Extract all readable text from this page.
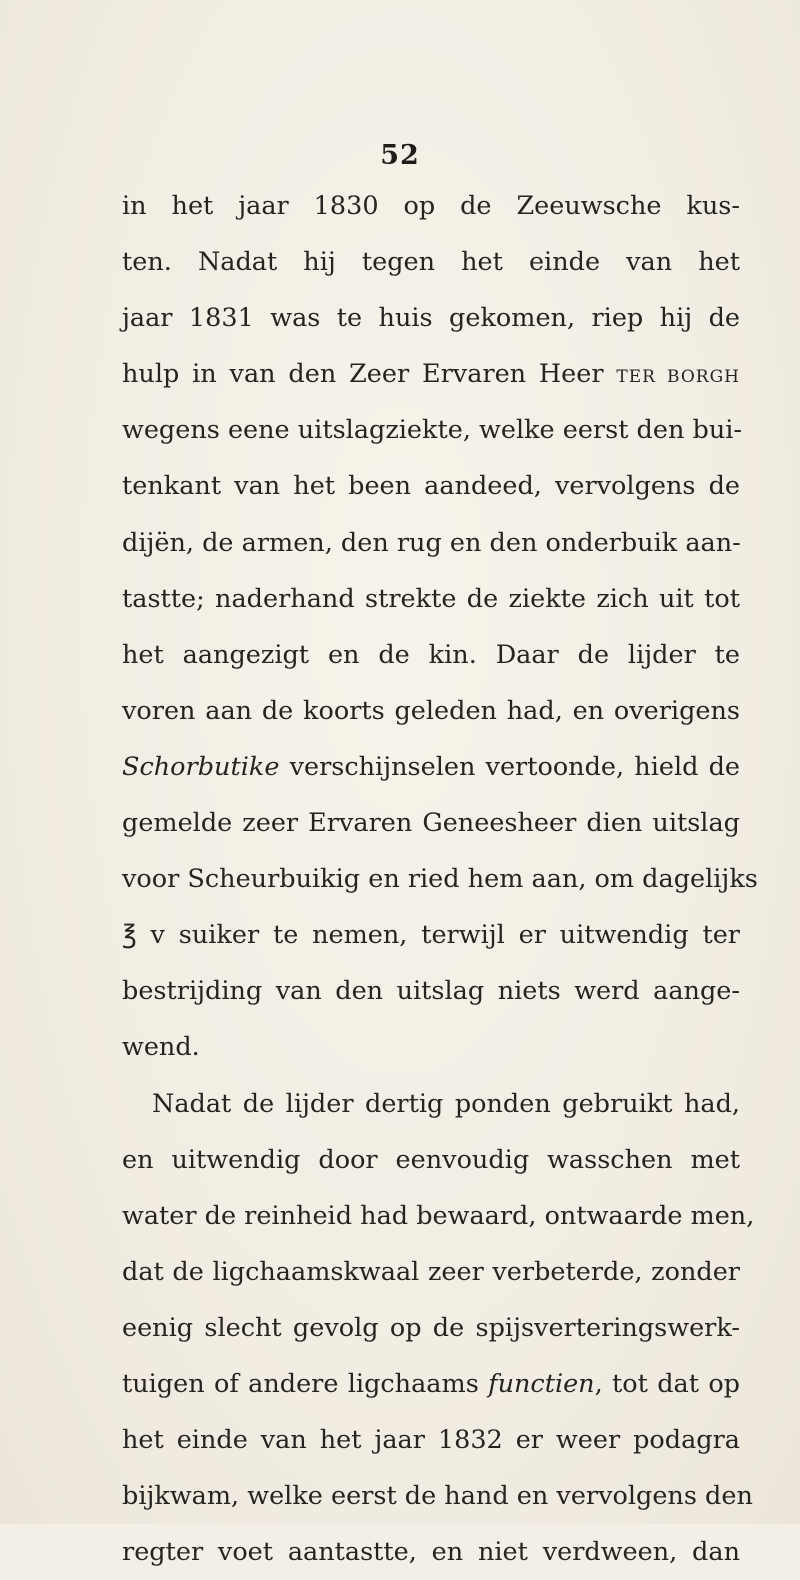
52
in het jaar 1830 op de Zeeuwsche kus-
ten. Nadat hij tegen het einde van het
jaar 1831 was te huis gekomen, riep hij de
hulp in van den Zeer Ervaren Heer TER BORGH
wegens eene uitslagziekte, welke eerst den bui-
tenkant van het been aandeed, vervolgens de
dijën, de armen, den rug en den onderbuik aan-
tastte; naderhand strekte de ziekte zich uit tot
het aangezigt en de kin. Daar de lijder te
voren aan de koorts geleden had, en overigens
Schorbutike verschijnselen vertoonde, hield de
gemelde zeer Ervaren Geneesheer dien uitslag
voor Scheurbuikig en ried hem aan, om dagelijks
℥ v suiker te nemen, terwijl er uitwendig ter
bestrijding van den uitslag niets werd aange-
wend.
Nadat de lijder dertig ponden gebruikt had,
en uitwendig door eenvoudig wasschen met
water de reinheid had bewaard, ontwaarde men,
dat de ligchaamskwaal zeer verbeterde, zonder
eenig slecht gevolg op de spijsverteringswerk-
tuigen of andere ligchaams functien, tot dat op
het einde van het jaar 1832 er weer podagra
bijkwam, welke eerst de hand en vervolgens den
regter voet aantastte, en niet verdween, dan
